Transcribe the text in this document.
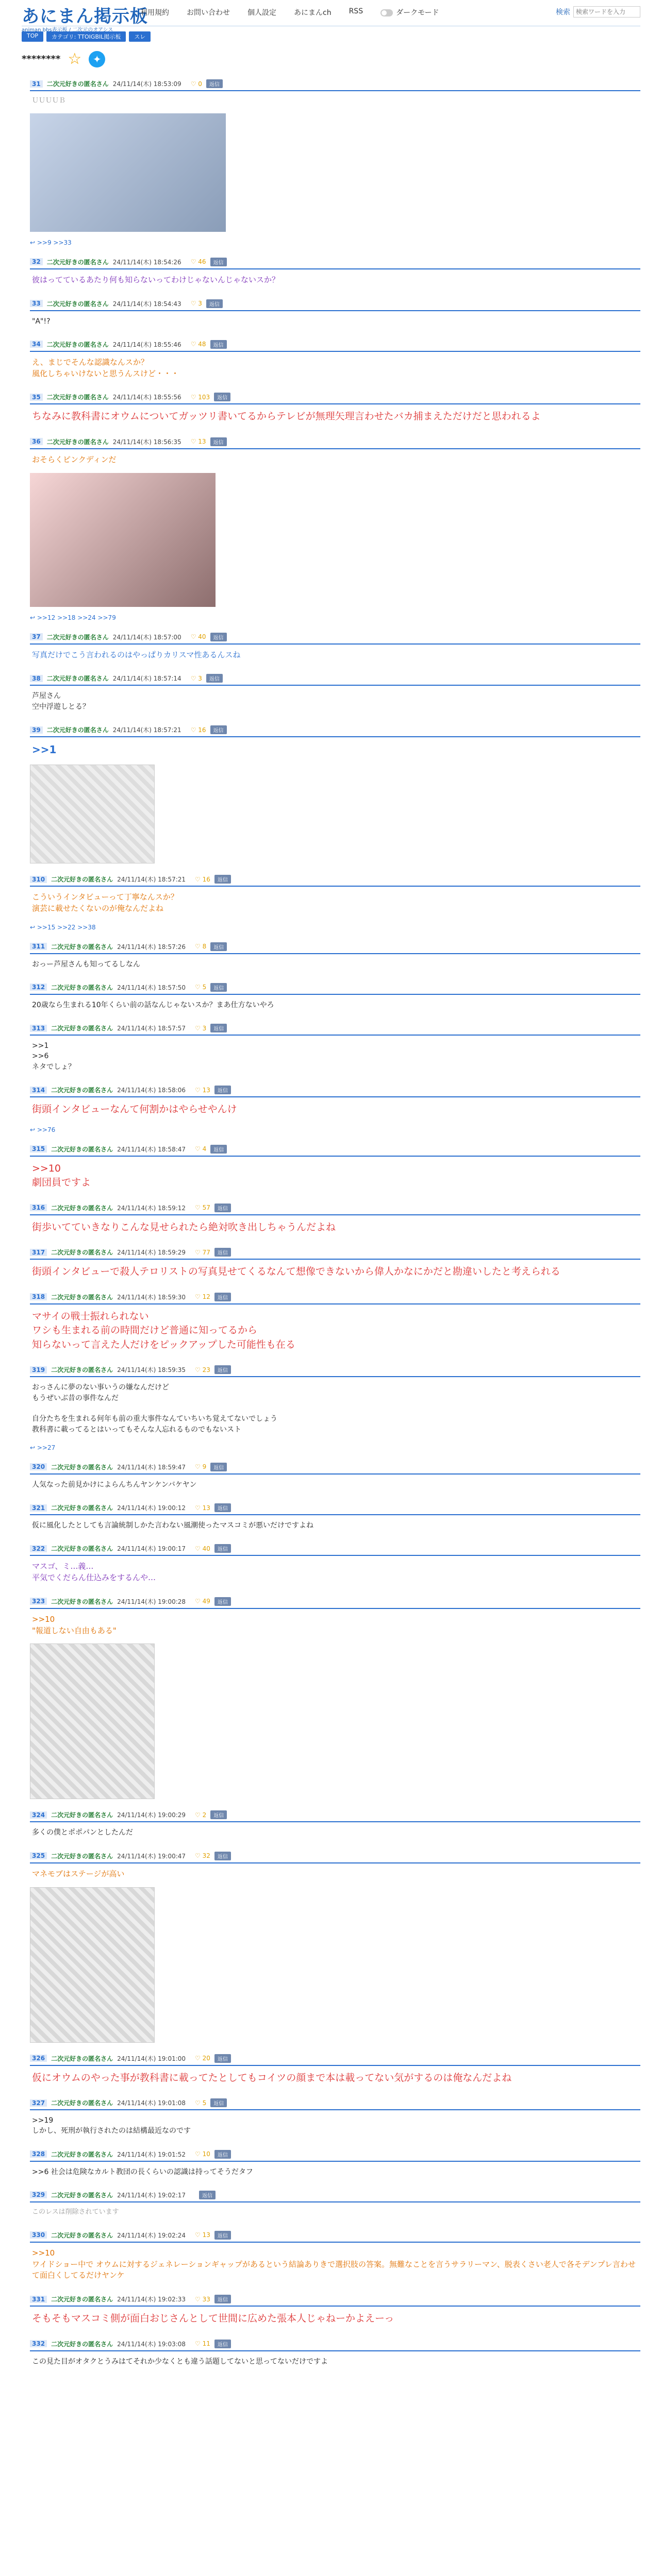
あにまん掲示板
animan bbs表示板 / 二次元のオアシス
利用規約 お問い合わせ 個人設定 あにまんch RSS	ダークモード	検索
検索ワードを入力
TOP	カテゴリ: TTOIGBIL掲示板	スレ
******** ☆	✦
31	二次元好きの匿名さん 24/11/14(木) 18:53:09 ♡ 0	返信
ＵＵＵＵＢ
↩ >>9 >>33
32	二次元好きの匿名さん 24/11/14(木) 18:54:26 ♡ 46	返信
彼はってているあたり何も知らないってわけじゃないんじゃないスか？
33	二次元好きの匿名さん 24/11/14(木) 18:54:43 ♡ 3	返信
"A"!?
34	二次元好きの匿名さん 24/11/14(木) 18:55:46 ♡ 48	返信
え、まじでそんな認識なんスか？
風化しちゃいけないと思うんスけど・・・
35	二次元好きの匿名さん 24/11/14(木) 18:55:56 ♡ 103	返信
ちなみに教科書にオウムについてガッツリ書いてるからテレビが無理矢理言わせたバカ捕まえただけだと思われるよ
36	二次元好きの匿名さん 24/11/14(木) 18:56:35 ♡ 13	返信
おそらくピンクディンだ
↩ >>12 >>18 >>24 >>79
37	二次元好きの匿名さん 24/11/14(木) 18:57:00 ♡ 40	返信
写真だけでこう言われるのはやっぱりカリスマ性あるんスね
38	二次元好きの匿名さん 24/11/14(木) 18:57:14 ♡ 3	返信
芦屋さん
空中浮遊しとる？
39	二次元好きの匿名さん 24/11/14(木) 18:57:21 ♡ 16	返信
>>1
310	二次元好きの匿名さん 24/11/14(木) 18:57:21 ♡ 16	返信
こういうインタビューって丁寧なんスか？
演芸に載せたくないのが俺なんだよね
↩ >>15 >>22 >>38
311	二次元好きの匿名さん 24/11/14(木) 18:57:26 ♡ 8	返信
おっー芦屋さんも知ってるしなん
312	二次元好きの匿名さん 24/11/14(木) 18:57:50 ♡ 5	返信
20歳なら生まれる10年くらい前の話なんじゃないスか？まあ仕方ないやろ
313	二次元好きの匿名さん 24/11/14(木) 18:57:57 ♡ 3	返信
>>1
>>6
ネタでしょ？
314	二次元好きの匿名さん 24/11/14(木) 18:58:06 ♡ 13	返信
街頭インタビューなんて何割かはやらせやんけ
↩ >>76
315	二次元好きの匿名さん 24/11/14(木) 18:58:47 ♡ 4	返信
>>10
劇団員ですよ
316	二次元好きの匿名さん 24/11/14(木) 18:59:12 ♡ 57	返信
街歩いてていきなりこんな見せられたら絶対吹き出しちゃうんだよね
317	二次元好きの匿名さん 24/11/14(木) 18:59:29 ♡ 77	返信
街頭インタビューで殺人テロリストの写真見せてくるなんて想像できないから偉人かなにかだと勘違いしたと考えられる
318	二次元好きの匿名さん 24/11/14(木) 18:59:30 ♡ 12	返信
マサイの戦士振れられない
ワシも生まれる前の時間だけど普通に知ってるから
知らないって言えた人だけをピックアップした可能性も在る
319	二次元好きの匿名さん 24/11/14(木) 18:59:35 ♡ 23	返信
おっさんに夢のない事いうの嫌なんだけど
もうぜいぶ昔の事件なんだ

自分たちを生まれる何年も前の重大事件なんていちいち覚えてないでしょう
教科書に載ってるとはいってもそんな人忘れるものでもないスト
↩ >>27
320	二次元好きの匿名さん 24/11/14(木) 18:59:47 ♡ 9	返信
人気なった前見かけによらんちんヤンケンバケヤン
321	二次元好きの匿名さん 24/11/14(木) 19:00:12 ♡ 13	返信
仮に風化したとしても言論統制しかた言わない風潮使ったマスコミが悪いだけですよね
322	二次元好きの匿名さん 24/11/14(木) 19:00:17 ♡ 40	返信
マスゴ、ミ…義…
平気でくだらん仕込みをするんや…
323	二次元好きの匿名さん 24/11/14(木) 19:00:28 ♡ 49	返信
>>10
"報道しない自由もある"
324	二次元好きの匿名さん 24/11/14(木) 19:00:29 ♡ 2	返信
多くの僕とポポパンとしたんだ
325	二次元好きの匿名さん 24/11/14(木) 19:00:47 ♡ 32	返信
マネモブはステージが高い
326	二次元好きの匿名さん 24/11/14(木) 19:01:00 ♡ 20	返信
仮にオウムのやった事が教科書に載ってたとしてもコイツの顔まで本は載ってない気がするのは俺なんだよね
327	二次元好きの匿名さん 24/11/14(木) 19:01:08 ♡ 5	返信
>>19
しかし、死刑が執行されたのは結構最近なのです
328	二次元好きの匿名さん 24/11/14(木) 19:01:52 ♡ 10	返信
>>6 社会は危険なカルト教団の長くらいの認識は持ってそうだタフ
329	二次元好きの匿名さん 24/11/14(木) 19:02:17	返信
このレスは削除されています
330	二次元好きの匿名さん 24/11/14(木) 19:02:24 ♡ 13	返信
>>10
ワイドショー中で オウムに対するジェネレーションギャップがあるという結論ありきで選択肢の答案。無難なことを言うサラリーマン、脱表くさい老人で各そデンプレ言わせて面白くしてるだけヤンケ
331	二次元好きの匿名さん 24/11/14(木) 19:02:33 ♡ 33	返信
そもそもマスコミ側が面白おじさんとして世間に広めた張本人じゃねーかよえーっ
332	二次元好きの匿名さん 24/11/14(木) 19:03:08 ♡ 11	返信
この見た目がオタクとうみはてそれか少なくとも違う話題してないと思ってないだけですよ
